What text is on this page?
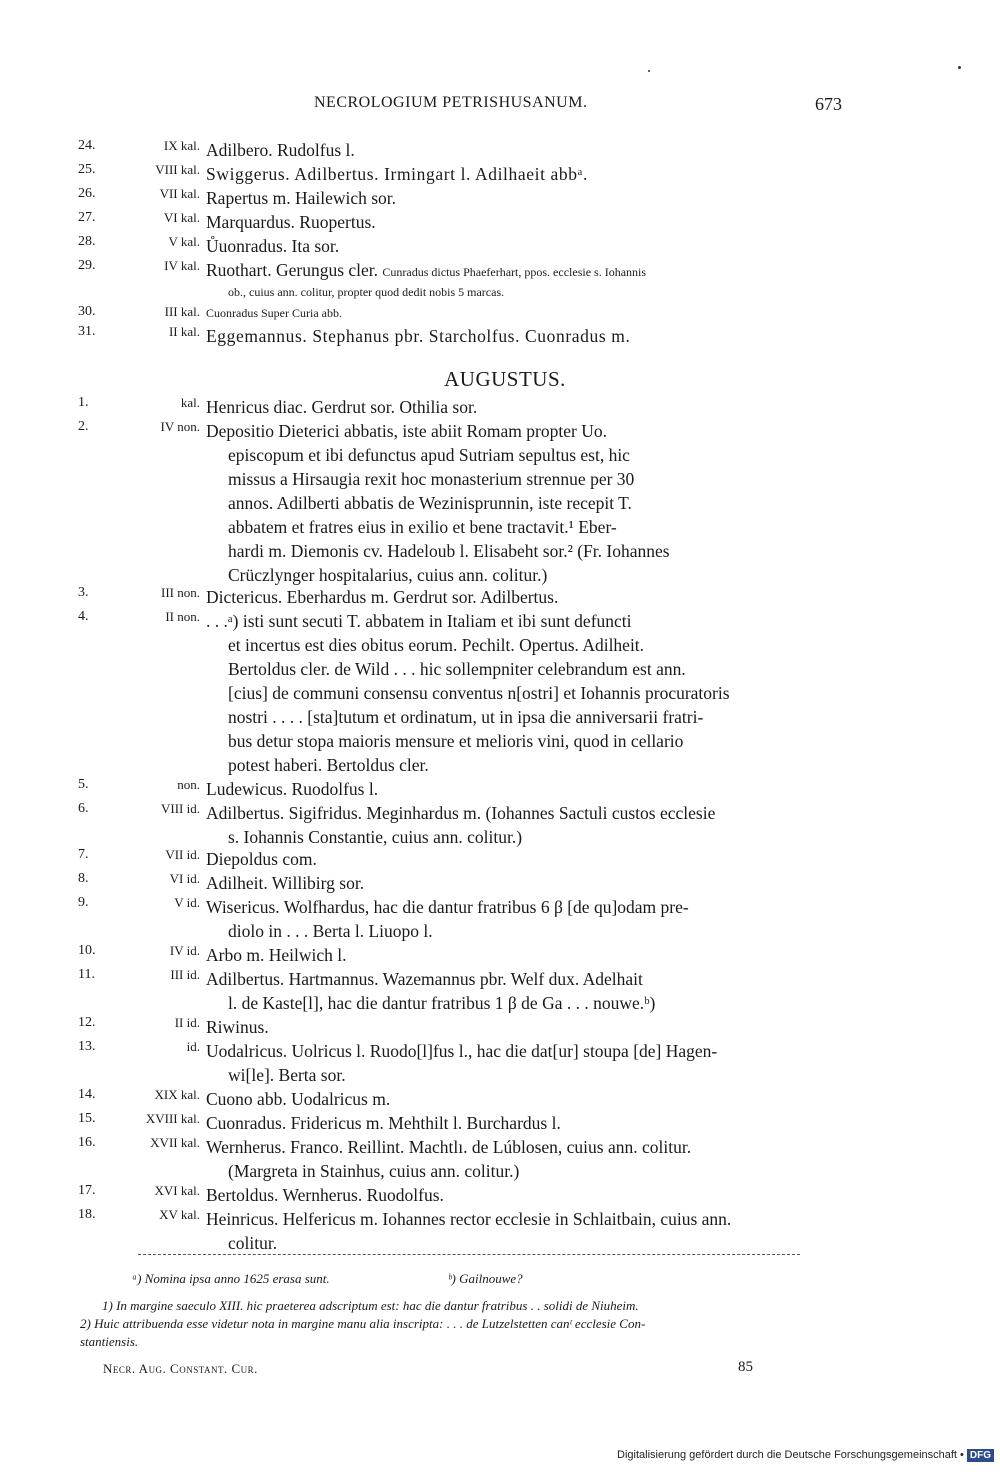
NECROLOGIUM PETRISHUSANUM.	673
24.	IX kal. Adilbero. Rudolfus l.
25.	VIII kal. Swiggerus. Adilbertus. Irmingart l. Adilhaeit abbᵃ.
26.	VII kal. Rapertus m. Hailewich sor.
27.	VI kal. Marquardus. Ruopertus.
28.	V kal. Ůuonradus. Ita sor.
29.	IV kal. Ruothart. Gerungus cler. Cunradus dictus Phaeferhart, ppos. ecclesie s. Iohannis
ob., cuius ann. colitur, propter quod dedit nobis 5 marcas.
30.	III kal. Cuonradus Super Curia abb.
31.	II kal. Eggemannus. Stephanus pbr. Starcholfus. Cuonradus m.
AUGUSTUS.
1.	kal. Henricus diac. Gerdrut sor. Othilia sor.
2.	IV non. Depositio Dieterici abbatis, iste abiit Romam propter Uo.
episcopum et ibi defunctus apud Sutriam sepultus est, hic
missus a Hirsaugia rexit hoc monasterium strennue per 30
annos. Adilberti abbatis de Wezinisprunnin, iste recepit T.
abbatem et fratres eius in exilio et bene tractavit.¹ Eber-
hardi m. Diemonis cv. Hadeloub l. Elisabeht sor.² (Fr. Iohannes
Crüczlynger hospitalarius, cuius ann. colitur.)
3.	III non. Dictericus. Eberhardus m. Gerdrut sor. Adilbertus.
4.	II non. . . .ᵃ) isti sunt secuti T. abbatem in Italiam et ibi sunt defuncti
et incertus est dies obitus eorum. Pechilt. Opertus. Adilheit.
Bertoldus cler. de Wild . . . hic sollempniter celebrandum est ann.
[cius] de communi consensu conventus n[ostri] et Iohannis procuratoris
nostri . . . . [sta]tutum et ordinatum, ut in ipsa die anniversarii fratri-
bus detur stopa maioris mensure et melioris vini, quod in cellario
potest haberi. Bertoldus cler.
5.	non. Ludewicus. Ruodolfus l.
6.	VIII id. Adilbertus. Sigifridus. Meginhardus m. (Iohannes Sactuli custos ecclesie
s. Iohannis Constantie, cuius ann. colitur.)
7.	VII id. Diepoldus com.
8.	VI id. Adilheit. Willibirg sor.
9.	V id. Wisericus. Wolfhardus, hac die dantur fratribus 6 β [de qu]odam pre-
diolo in . . . Berta l. Liuopo l.
10.	IV id. Arbo m. Heilwich l.
11.	III id. Adilbertus. Hartmannus. Wazemannus pbr. Welf dux. Adelhait
l. de Kaste[l], hac die dantur fratribus 1 β de Ga . . . nouwe.ᵇ)
12.	II id. Riwinus.
13.	id. Uodalricus. Uolricus l. Ruodo[l]fus l., hac die dat[ur] stoupa [de] Hagen-
wi[le]. Berta sor.
14.	XIX kal. Cuono abb. Uodalricus m.
15.	XVIII kal. Cuonradus. Fridericus m. Mehthilt l. Burchardus l.
16.	XVII kal. Wernherus. Franco. Reillint. Machtlı. de Lúblosen, cuius ann. colitur.
(Margreta in Stainhus, cuius ann. colitur.)
17.	XVI kal. Bertoldus. Wernherus. Ruodolfus.
18.	XV kal. Heinricus. Helfericus m. Iohannes rector ecclesie in Schlaitbain, cuius ann.
colitur.
ᵃ) Nomina ipsa anno 1625 erasa sunt.	ᵇ) Gailnouwe?
1) In margine saeculo XIII. hic praeterea adscriptum est: hac die dantur fratribus . . solidi de Niuheim.
2) Huic attribuenda esse videtur nota in margine manu alia inscripta: . . . de Lutzelstetten canᵗ ecclesie Con-
stantiensis.
Necr. Aug. Constant. Cur.	85
Digitalisierung gefördert durch die Deutsche Forschungsgemeinschaft • DFG
